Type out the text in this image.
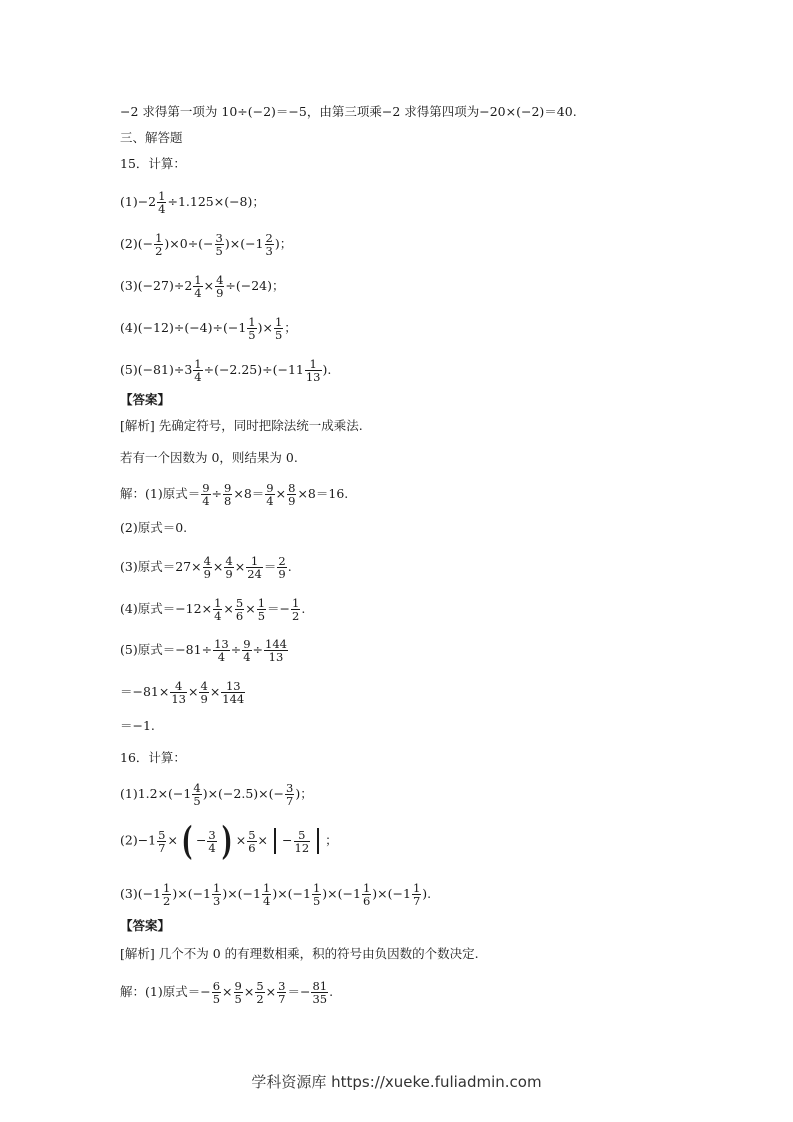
−2 求得第一项为 10÷(−2)＝−5，由第三项乘−2 求得第四项为−20×(−2)＝40.
三、解答题
15．计算：
$(1)-2 \frac{1}{4} \div 1.125\times(-8)$；
$(2)(- \frac{1}{2} )\times 0\div(- \frac{3}{5} )\times(-1 \frac{2}{3}$ )；
$(3)(-27)\div 2 \frac{1}{4} \times \frac{4}{9} \div(-24)$；
$(4)(-12)\div(-4)\div(-1 \frac{1}{5}$ )× $\frac{1}{5}$ ；
$(5)(-81)\div 3 \frac{1}{4} \div(-2.25)\div(-11 \frac{1}{13}$ ).
【答案】
[解析] 先确定符号，同时把除法统一成乘法.
若有一个因数为 0，则结果为 0.
解：(1)原式＝ $\frac{9}{4} \div \frac{9}{8} \times 8= \frac{9}{4} \times \frac{8}{9} \times 8=16$.
(2)原式＝0.
(3)原式$=27\times \frac{4}{9} \times \frac{4}{9} \times \frac{1}{24} = \frac{2}{9}$ .
(4)原式$=-12\times \frac{1}{4} \times \frac{5}{6} \times \frac{1}{5} =- \frac{1}{2}$ .
(5)原式$=-81\div \frac{13}{4} \div \frac{9}{4} \div \frac{144}{13}$
$=-81\times \frac{4}{13} \times \frac{4}{9} \times \frac{13}{144}$
＝−1.
16．计算：
$(1)1.2\times(-1 \frac{4}{5} )\times(-2.5)\times(- \frac{3}{7}$ )；
$(2)-1 \frac{5}{7}$ ×( − $\frac{3}{4}$ ) × $\frac{5}{6}$ × − $\frac{5}{12}$ ；
$(3)(-1 \frac{1}{2} )\times(-1 \frac{1}{3} )\times(-1 \frac{1}{4} )\times(-1 \frac{1}{5} )\times(-1 \frac{1}{6} )\times(-1 \frac{1}{7}$ ).
【答案】
[解析] 几个不为 0 的有理数相乘，积的符号由负因数的个数决定.
解：(1)原式＝− $\frac{6}{5} \times \frac{9}{5} \times \frac{5}{2} \times \frac{3}{7} =- \frac{81}{35}$ .
学科资源库 https://xueke.fuliadmin.com
